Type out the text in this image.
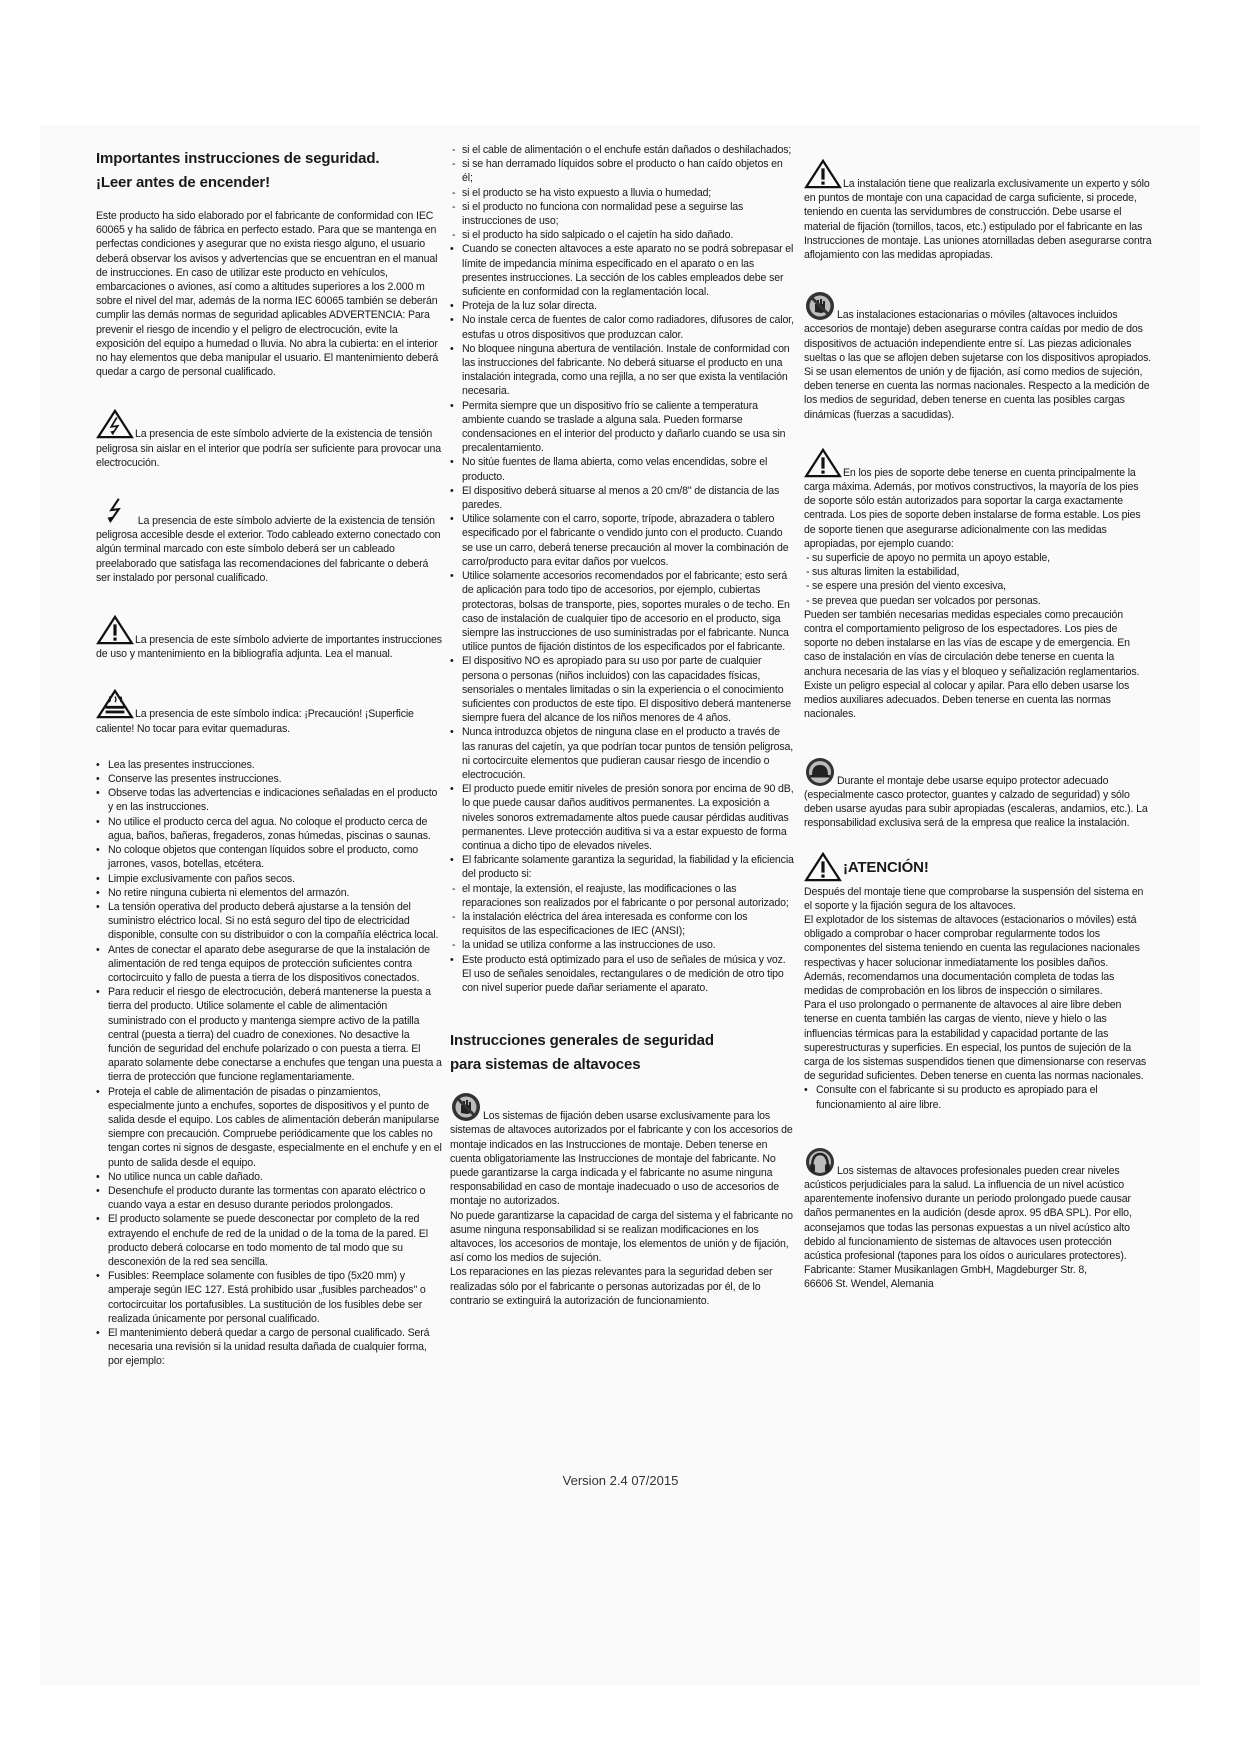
Importantes instrucciones de seguridad.
¡Leer antes de encender!

Este producto ha sido elaborado por el fabricante de conformidad con IEC 60065 y ha salido de fábrica en perfecto estado. Para que se mantenga en perfectas condiciones y asegurar que no exista riesgo alguno, el usuario deberá observar los avisos y advertencias que se encuentran en el manual de instrucciones. En caso de utilizar este producto en vehículos, embarcaciones o aviones, así como a altitudes superiores a los 2.000 m sobre el nivel del mar, además de la norma IEC 60065 también se deberán cumplir las demás normas de seguridad aplicables ADVERTENCIA: Para prevenir el riesgo de incendio y el peligro de electrocución, evite la exposición del equipo a humedad o lluvia. No abra la cubierta: en el interior no hay elementos que deba manipular el usuario. El mantenimiento deberá quedar a cargo de personal cualificado.

La presencia de este símbolo advierte de la existencia de tensión peligrosa sin aislar en el interior que podría ser suficiente para provocar una electrocución.

La presencia de este símbolo advierte de la existencia de tensión peligrosa accesible desde el exterior. Todo cableado externo conectado con algún terminal marcado con este símbolo deberá ser un cableado preelaborado que satisfaga las recomendaciones del fabricante o deberá ser instalado por personal cualificado.

La presencia de este símbolo advierte de importantes instrucciones de uso y mantenimiento en la bibliografía adjunta. Lea el manual.

La presencia de este símbolo indica: ¡Precaución! ¡Superficie caliente! No tocar para evitar quemaduras.

• Lea las presentes instrucciones.
• Conserve las presentes instrucciones.
• Observe todas las advertencias e indicaciones señaladas en el producto y en las instrucciones.
• No utilice el producto cerca del agua. No coloque el producto cerca de agua, baños, bañeras, fregaderos, zonas húmedas, piscinas o saunas.
• No coloque objetos que contengan líquidos sobre el producto, como jarrones, vasos, botellas, etcétera.
• Limpie exclusivamente con paños secos.
• No retire ninguna cubierta ni elementos del armazón.
• La tensión operativa del producto deberá ajustarse a la tensión del suministro eléctrico local. Si no está seguro del tipo de electricidad disponible, consulte con su distribuidor o con la compañía eléctrica local.
• Antes de conectar el aparato debe asegurarse de que la instalación de alimentación de red tenga equipos de protección suficientes contra cortocircuito y fallo de puesta a tierra de los dispositivos conectados.
• Para reducir el riesgo de electrocución, deberá mantenerse la puesta a tierra del producto. Utilice solamente el cable de alimentación suministrado con el producto y mantenga siempre activo de la patilla central (puesta a tierra) del cuadro de conexiones. No desactive la función de seguridad del enchufe polarizado o con puesta a tierra. El aparato solamente debe conectarse a enchufes que tengan una puesta a tierra de protección que funcione reglamentariamente.
• Proteja el cable de alimentación de pisadas o pinzamientos, especialmente junto a enchufes, soportes de dispositivos y el punto de salida desde el equipo. Los cables de alimentación deberán manipularse siempre con precaución. Compruebe periódicamente que los cables no tengan cortes ni signos de desgaste, especialmente en el enchufe y en el punto de salida desde el equipo.
• No utilice nunca un cable dañado.
• Desenchufe el producto durante las tormentas con aparato eléctrico o cuando vaya a estar en desuso durante periodos prolongados.
• El producto solamente se puede desconectar por completo de la red extrayendo el enchufe de red de la unidad o de la toma de la pared. El producto deberá colocarse en todo momento de tal modo que su desconexión de la red sea sencilla.
• Fusibles: Reemplace solamente con fusibles de tipo (5x20 mm) y amperaje según IEC 127. Está prohibido usar „fusibles parcheados" o cortocircuitar los portafusibles. La sustitución de los fusibles debe ser realizada únicamente por personal cualificado.
• El mantenimiento deberá quedar a cargo de personal cualificado. Será necesaria una revisión si la unidad resulta dañada de cualquier forma, por ejemplo:
- si el cable de alimentación o el enchufe están dañados o deshilachados;
- si se han derramado líquidos sobre el producto o han caído objetos en él;
- si el producto se ha visto expuesto a lluvia o humedad;
- si el producto no funciona con normalidad pese a seguirse las instrucciones de uso;
- si el producto ha sido salpicado o el cajetín ha sido dañado.
• Cuando se conecten altavoces a este aparato no se podrá sobrepasar el límite de impedancia mínima especificado en el aparato o en las presentes instrucciones. La sección de los cables empleados debe ser suficiente en conformidad con la reglamentación local.
• Proteja de la luz solar directa.
• No instale cerca de fuentes de calor como radiadores, difusores de calor, estufas u otros dispositivos que produzcan calor.
• No bloquee ninguna abertura de ventilación. Instale de conformidad con las instrucciones del fabricante. No deberá situarse el producto en una instalación integrada, como una rejilla, a no ser que exista la ventilación necesaria.
• Permita siempre que un dispositivo frío se caliente a temperatura ambiente cuando se traslade a alguna sala. Pueden formarse condensaciones en el interior del producto y dañarlo cuando se usa sin precalentamiento.
• No sitúe fuentes de llama abierta, como velas encendidas, sobre el producto.
• El dispositivo deberá situarse al menos a 20 cm/8" de distancia de las paredes.
• Utilice solamente con el carro, soporte, trípode, abrazadera o tablero especificado por el fabricante o vendido junto con el producto. Cuando se use un carro, deberá tenerse precaución al mover la combinación de carro/producto para evitar daños por vuelcos.
• Utilice solamente accesorios recomendados por el fabricante; esto será de aplicación para todo tipo de accesorios, por ejemplo, cubiertas protectoras, bolsas de transporte, pies, soportes murales o de techo. En caso de instalación de cualquier tipo de accesorio en el producto, siga siempre las instrucciones de uso suministradas por el fabricante. Nunca utilice puntos de fijación distintos de los especificados por el fabricante.
• El dispositivo NO es apropiado para su uso por parte de cualquier persona o personas (niños incluidos) con las capacidades físicas, sensoriales o mentales limitadas o sin la experiencia o el conocimiento suficientes con productos de este tipo. El dispositivo deberá mantenerse siempre fuera del alcance de los niños menores de 4 años.
• Nunca introduzca objetos de ninguna clase en el producto a través de las ranuras del cajetín, ya que podrían tocar puntos de tensión peligrosa, ni cortocircuite elementos que pudieran causar riesgo de incendio o electrocución.
• El producto puede emitir niveles de presión sonora por encima de 90 dB, lo que puede causar daños auditivos permanentes. La exposición a niveles sonoros extremadamente altos puede causar pérdidas auditivas permanentes. Lleve protección auditiva si va a estar expuesto de forma continua a dicho tipo de elevados niveles.
• El fabricante solamente garantiza la seguridad, la fiabilidad y la eficiencia del producto si:
- el montaje, la extensión, el reajuste, las modificaciones o las reparaciones son realizados por el fabricante o por personal autorizado;
- la instalación eléctrica del área interesada es conforme con los requisitos de las especificaciones de IEC (ANSI);
- la unidad se utiliza conforme a las instrucciones de uso.
• Este producto está optimizado para el uso de señales de música y voz. El uso de señales senoidales, rectangulares o de medición de otro tipo con nivel superior puede dañar seriamente el aparato.
Instrucciones generales de seguridad
para sistemas de altavoces

Los sistemas de fijación deben usarse exclusivamente para los sistemas de altavoces autorizados por el fabricante y con los accesorios de montaje indicados en las Instrucciones de montaje. Deben tenerse en cuenta obligatoriamente las Instrucciones de montaje del fabricante. No puede garantizarse la carga indicada y el fabricante no asume ninguna responsabilidad en caso de montaje inadecuado o uso de accesorios de montaje no autorizados.

No puede garantizarse la capacidad de carga del sistema y el fabricante no asume ninguna responsabilidad si se realizan modificaciones en los altavoces, los accesorios de montaje, los elementos de unión y de fijación, así como los medios de sujeción.

Los reparaciones en las piezas relevantes para la seguridad deben ser realizadas sólo por el fabricante o personas autorizadas por él, de lo contrario se extinguirá la autorización de funcionamiento.

La instalación tiene que realizarla exclusivamente un experto y sólo en puntos de montaje con una capacidad de carga suficiente, si procede, teniendo en cuenta las servidumbres de construcción. Debe usarse el material de fijación (tornillos, tacos, etc.) estipulado por el fabricante en las Instrucciones de montaje. Las uniones atornilladas deben asegurarse contra aflojamiento con las medidas apropiadas.

Las instalaciones estacionarias o móviles (altavoces incluidos accesorios de montaje) deben asegurarse contra caídas por medio de dos dispositivos de actuación independiente entre sí. Las piezas adicionales sueltas o las que se aflojen deben sujetarse con los dispositivos apropiados. Si se usan elementos de unión y de fijación, así como medios de sujeción, deben tenerse en cuenta las normas nacionales. Respecto a la medición de los medios de seguridad, deben tenerse en cuenta las posibles cargas dinámicas (fuerzas a sacudidas).

En los pies de soporte debe tenerse en cuenta principalmente la carga máxima. Además, por motivos constructivos, la mayoría de los pies de soporte sólo están autorizados para soportar la carga exactamente centrada. Los pies de soporte deben instalarse de forma estable. Los pies de soporte tienen que asegurarse adicionalmente con las medidas apropiadas, por ejemplo cuando:

- su superficie de apoyo no permita un apoyo estable,
- sus alturas limiten la estabilidad,
- se espere una presión del viento excesiva,
- se prevea que puedan ser volcados por personas.

Pueden ser también necesarias medidas especiales como precaución contra el comportamiento peligroso de los espectadores. Los pies de soporte no deben instalarse en las vías de escape y de emergencia. En caso de instalación en vías de circulación debe tenerse en cuenta la anchura necesaria de las vías y el bloqueo y señalización reglamentarios. Existe un peligro especial al colocar y apilar. Para ello deben usarse los medios auxiliares adecuados. Deben tenerse en cuenta las normas nacionales.

Durante el montaje debe usarse equipo protector adecuado (especialmente casco protector, guantes y calzado de seguridad) y sólo deben usarse ayudas para subir apropiadas (escaleras, andamios, etc.). La responsabilidad exclusiva será de la empresa que realice la instalación.

¡ATENCIÓN!

Después del montaje tiene que comprobarse la suspensión del sistema en el soporte y la fijación segura de los altavoces.

El explotador de los sistemas de altavoces (estacionarios o móviles) está obligado a comprobar o hacer comprobar regularmente todos los componentes del sistema teniendo en cuenta las regulaciones nacionales respectivas y hacer solucionar inmediatamente los posibles daños.

Además, recomendamos una documentación completa de todas las medidas de comprobación en los libros de inspección o similares.

Para el uso prolongado o permanente de altavoces al aire libre deben tenerse en cuenta también las cargas de viento, nieve y hielo o las influencias térmicas para la estabilidad y capacidad portante de las superestructuras y superficies. En especial, los puntos de sujeción de la carga de los sistemas suspendidos tienen que dimensionarse con reservas de seguridad suficientes. Deben tenerse en cuenta las normas nacionales.

• Consulte con el fabricante si su producto es apropiado para el funcionamiento al aire libre.

Los sistemas de altavoces profesionales pueden crear niveles acústicos perjudiciales para la salud. La influencia de un nivel acústico aparentemente inofensivo durante un periodo prolongado puede causar daños permanentes en la audición (desde aprox. 95 dBA SPL). Por ello, aconsejamos que todas las personas expuestas a un nivel acústico alto debido al funcionamiento de sistemas de altavoces usen protección acústica profesional (tapones para los oídos o auriculares protectores).

Fabricante: Stamer Musikanlagen GmbH, Magdeburger Str. 8,

66606 St. Wendel, Alemania

Version 2.4 07/2015
